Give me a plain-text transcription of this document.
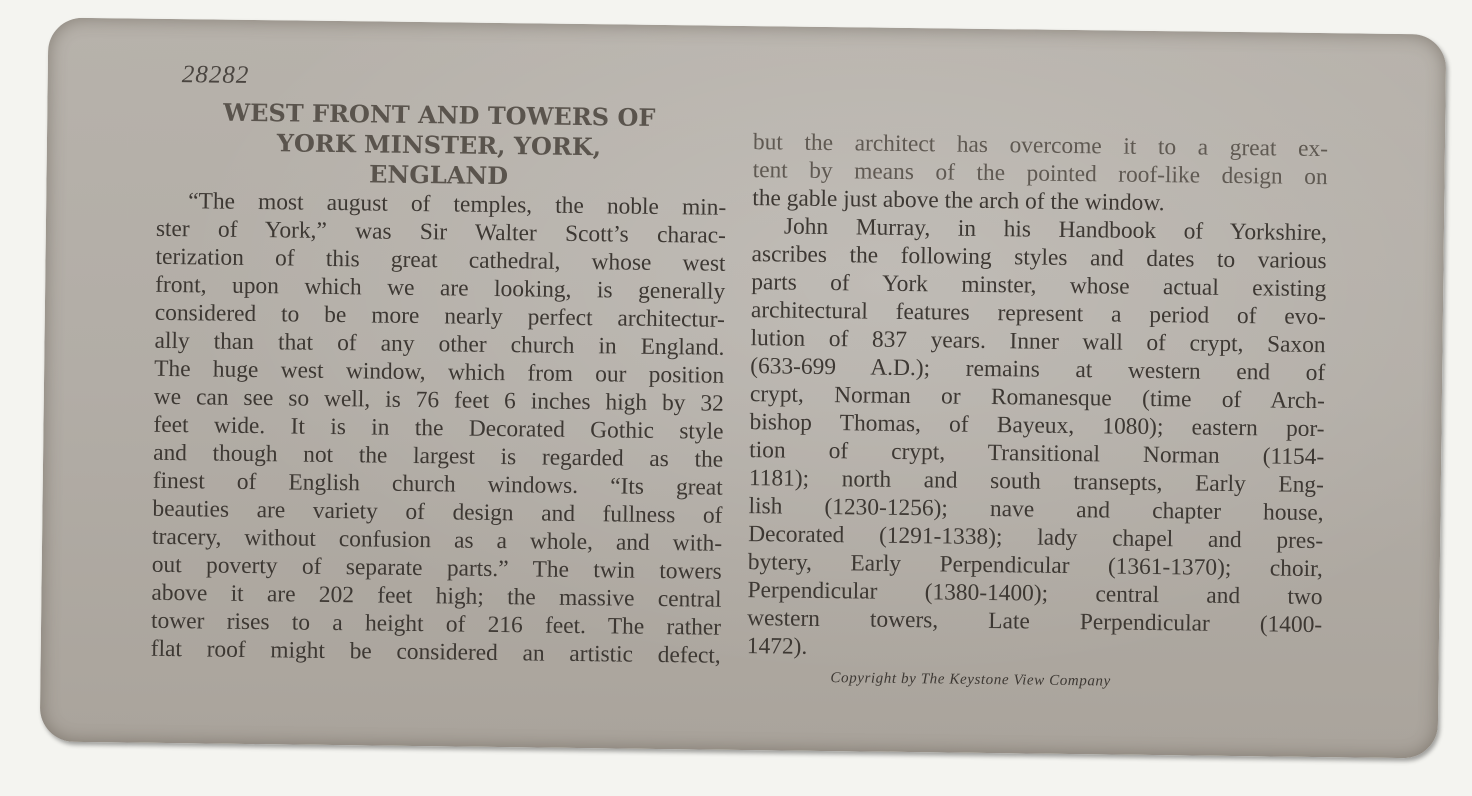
28282
WEST FRONT AND TOWERS OF
YORK MINSTER, YORK,
ENGLAND
“The most august of temples, the noble min-
ster of York,” was Sir Walter Scott’s charac-
terization of this great cathedral, whose west
front, upon which we are looking, is generally
considered to be more nearly perfect architectur-
ally than that of any other church in England.
The huge west window, which from our position
we can see so well, is 76 feet 6 inches high by 32
feet wide. It is in the Decorated Gothic style
and though not the largest is regarded as the
finest of English church windows. “Its great
beauties are variety of design and fullness of
tracery, without confusion as a whole, and with-
out poverty of separate parts.” The twin towers
above it are 202 feet high; the massive central
tower rises to a height of 216 feet. The rather
flat roof might be considered an artistic defect,
but the architect has overcome it to a great ex-
tent by means of the pointed roof-like design on
the gable just above the arch of the window.
John Murray, in his Handbook of Yorkshire,
ascribes the following styles and dates to various
parts of York minster, whose actual existing
architectural features represent a period of evo-
lution of 837 years. Inner wall of crypt, Saxon
(633-699 A.D.); remains at western end of
crypt, Norman or Romanesque (time of Arch-
bishop Thomas, of Bayeux, 1080); eastern por-
tion of crypt, Transitional Norman (1154-
1181); north and south transepts, Early Eng-
lish (1230-1256); nave and chapter house,
Decorated (1291-1338); lady chapel and pres-
bytery, Early Perpendicular (1361-1370); choir,
Perpendicular (1380-1400); central and two
western towers, Late Perpendicular (1400-
1472).
Copyright by The Keystone View Company
